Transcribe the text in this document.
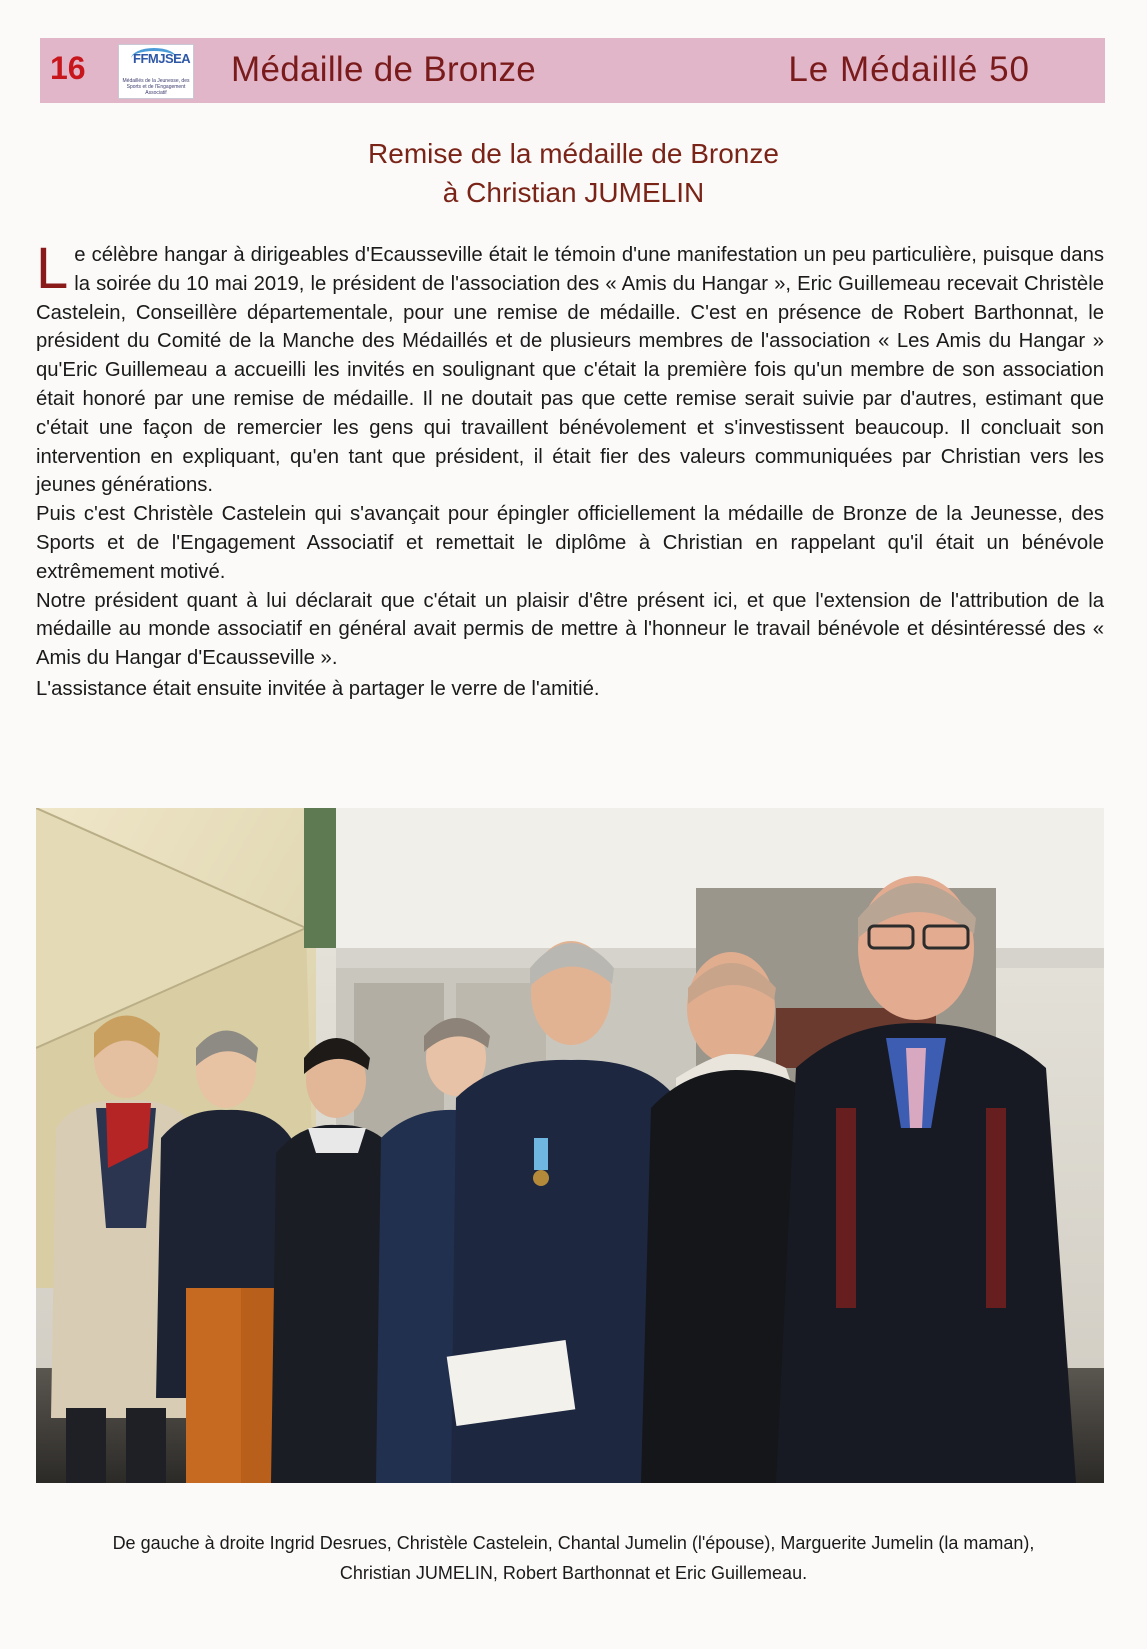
16	FFMJSEA
Médaillés de la Jeunesse, des Sports et de l'Engagement Associatif
Médaille de Bronze	Le Médaillé 50
Remise de la médaille de Bronze
à Christian JUMELIN

Le célèbre hangar à dirigeables d'Ecausseville était le témoin d'une manifestation un peu particulière, puisque dans la soirée du 10 mai 2019, le président de l'association des « Amis du Hangar », Eric Guillemeau recevait Christèle Castelein, Conseillère départementale, pour une remise de médaille. C'est en présence de Robert Barthonnat, le président du Comité de la Manche des Médaillés et de plusieurs membres de l'association « Les Amis du Hangar » qu'Eric Guillemeau a accueilli les invités en soulignant que c'était la première fois qu'un membre de son association était honoré par une remise de médaille. Il ne doutait pas que cette remise serait suivie par d'autres, estimant que c'était une façon de remercier les gens qui travaillent bénévolement et s'investissent beaucoup. Il concluait son intervention en expliquant, qu'en tant que président, il était fier des valeurs communiquées par Christian vers les jeunes générations.

Puis c'est Christèle Castelein qui s'avançait pour épingler officiellement la médaille de Bronze de la Jeunesse, des Sports et de l'Engagement Associatif et remettait le diplôme à Christian en rappelant qu'il était un bénévole extrêmement motivé.

Notre président quant à lui déclarait que c'était un plaisir d'être présent ici, et que l'extension de l'attribution de la médaille au monde associatif en général avait permis de mettre à l'honneur le travail bénévole et désintéressé des « Amis du Hangar d'Ecausseville ».

L'assistance était ensuite invitée à partager le verre de l'amitié.

De gauche à droite Ingrid Desrues, Christèle Castelein, Chantal Jumelin (l'épouse), Marguerite Jumelin (la maman),
Christian JUMELIN, Robert Barthonnat et Eric Guillemeau.
